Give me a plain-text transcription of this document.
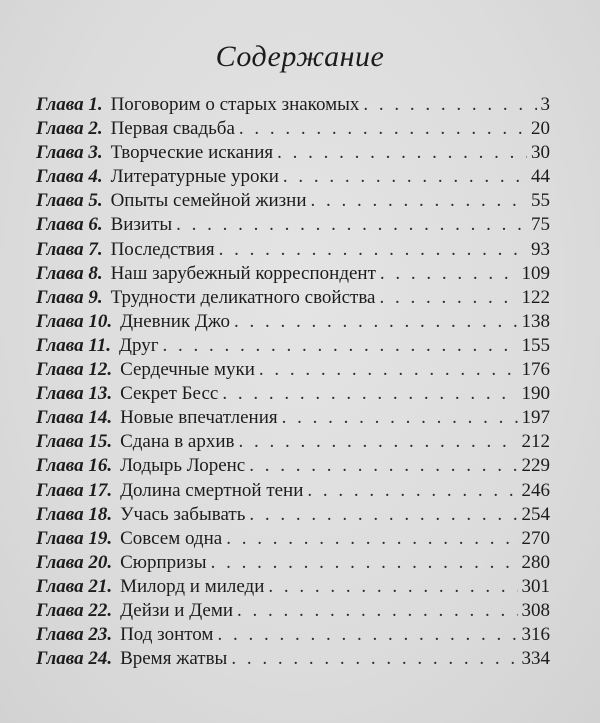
Содержание
Глава 1. Поговорим о старых знакомых . . .	3
Глава 2. Первая свадьба . . .	20
Глава 3. Творческие искания . . .	30
Глава 4. Литературные уроки . . .	44
Глава 5. Опыты семейной жизни . . .	55
Глава 6. Визиты . . .	75
Глава 7. Последствия . . .	93
Глава 8. Наш зарубежный корреспондент . . .	109
Глава 9. Трудности деликатного свойства . . .	122
Глава 10. Дневник Джо . . .	138
Глава 11. Друг . . .	155
Глава 12. Сердечные муки . . .	176
Глава 13. Секрет Бесс . . .	190
Глава 14. Новые впечатления . . .	197
Глава 15. Сдана в архив . . .	212
Глава 16. Лодырь Лоренс . . .	229
Глава 17. Долина смертной тени . . .	246
Глава 18. Учась забывать . . .	254
Глава 19. Совсем одна . . .	270
Глава 20. Сюрпризы . . .	280
Глава 21. Милорд и миледи . . .	301
Глава 22. Дейзи и Деми . . .	308
Глава 23. Под зонтом . . .	316
Глава 24. Время жатвы . . .	334
